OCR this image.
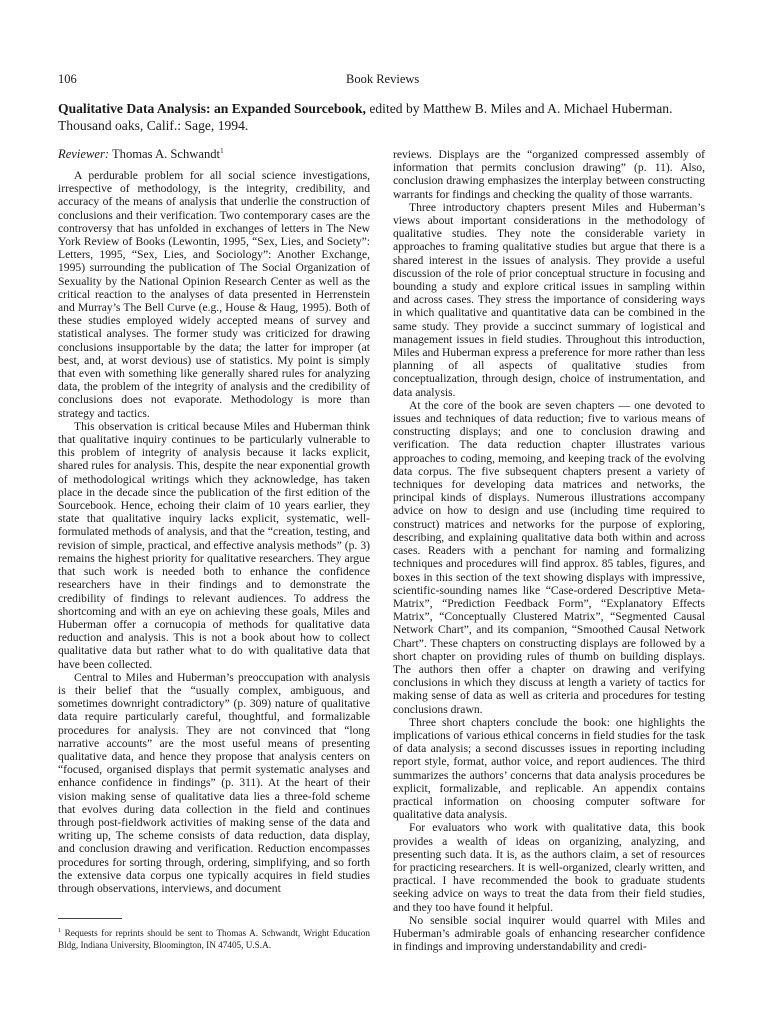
106	Book Reviews
Qualitative Data Analysis: an Expanded Sourcebook, edited by Matthew B. Miles and A. Michael Huberman.
Thousand oaks, Calif.: Sage, 1994.
Reviewer: Thomas A. Schwandt$^1$

A perdurable problem for all social science investigations, irrespective of methodology, is the integrity, credibility, and accuracy of the means of analysis that underlie the construction of conclusions and their verification. Two contemporary cases are the controversy that has unfolded in exchanges of letters in The New York Review of Books (Lewontin, 1995, “Sex, Lies, and Society”: Letters, 1995, “Sex, Lies, and Sociology”: Another Exchange, 1995) surrounding the publication of The Social Organization of Sexuality by the National Opinion Research Center as well as the critical reaction to the analyses of data presented in Herrenstein and Murray’s The Bell Curve (e.g., House & Haug, 1995). Both of these studies employed widely accepted means of survey and statistical analyses. The former study was criticized for drawing conclusions insupportable by the data; the latter for improper (at best, and, at worst devious) use of statistics. My point is simply that even with something like generally shared rules for analyzing data, the problem of the integrity of analysis and the credibility of conclusions does not evaporate. Methodology is more than strategy and tactics.

This observation is critical because Miles and Huberman think that qualitative inquiry continues to be particularly vulnerable to this problem of integrity of analysis because it lacks explicit, shared rules for analysis. This, despite the near exponential growth of methodological writings which they acknowledge, has taken place in the decade since the publication of the first edition of the Sourcebook. Hence, echoing their claim of 10 years earlier, they state that qualitative inquiry lacks explicit, systematic, well-formulated methods of analysis, and that the “creation, testing, and revision of simple, practical, and effective analysis methods” (p. 3) remains the highest priority for qualitative researchers. They argue that such work is needed both to enhance the confidence researchers have in their findings and to demonstrate the credibility of findings to relevant audiences. To address the shortcoming and with an eye on achieving these goals, Miles and Huberman offer a cornucopia of methods for qualitative data reduction and analysis. This is not a book about how to collect qualitative data but rather what to do with qualitative data that have been collected.

Central to Miles and Huberman’s preoccupation with analysis is their belief that the “usually complex, ambiguous, and sometimes downright contradictory” (p. 309) nature of qualitative data require particularly careful, thoughtful, and formalizable procedures for analysis. They are not convinced that “long narrative accounts” are the most useful means of presenting qualitative data, and hence they propose that analysis centers on “focused, organised displays that permit systematic analyses and enhance confidence in findings” (p. 311). At the heart of their vision making sense of qualitative data lies a three-fold scheme that evolves during data collection in the field and continues through post-fieldwork activities of making sense of the data and writing up, The scheme consists of data reduction, data display, and conclusion drawing and verification. Reduction encompasses procedures for sorting through, ordering, simplifying, and so forth the extensive data corpus one typically acquires in field studies through observations, interviews, and document

reviews. Displays are the “organized compressed assembly of information that permits conclusion drawing” (p. 11). Also, conclusion drawing emphasizes the interplay between constructing warrants for findings and checking the quality of those warrants.

Three introductory chapters present Miles and Huberman’s views about important considerations in the methodology of qualitative studies. They note the considerable variety in approaches to framing qualitative studies but argue that there is a shared interest in the issues of analysis. They provide a useful discussion of the role of prior conceptual structure in focusing and bounding a study and explore critical issues in sampling within and across cases. They stress the importance of considering ways in which qualitative and quantitative data can be combined in the same study. They provide a succinct summary of logistical and management issues in field studies. Throughout this introduction, Miles and Huberman express a preference for more rather than less planning of all aspects of qualitative studies from conceptualization, through design, choice of instrumentation, and data analysis.

At the core of the book are seven chapters — one devoted to issues and techniques of data reduction; five to various means of constructing displays; and one to conclusion drawing and verification. The data reduction chapter illustrates various approaches to coding, memoing, and keeping track of the evolving data corpus. The five subsequent chapters present a variety of techniques for developing data matrices and networks, the principal kinds of displays. Numerous illustrations accompany advice on how to design and use (including time required to construct) matrices and networks for the purpose of exploring, describing, and explaining qualitative data both within and across cases. Readers with a penchant for naming and formalizing techniques and procedures will find approx. 85 tables, figures, and boxes in this section of the text showing displays with impressive, scientific-sounding names like “Case-ordered Descriptive Meta-Matrix”, “Prediction Feedback Form”, “Explanatory Effects Matrix”, “Conceptually Clustered Matrix”, “Segmented Causal Network Chart”, and its companion, “Smoothed Causal Network Chart”. These chapters on constructing displays are followed by a short chapter on providing rules of thumb on building displays. The authors then offer a chapter on drawing and verifying conclusions in which they discuss at length a variety of tactics for making sense of data as well as criteria and procedures for testing conclusions drawn.

Three short chapters conclude the book: one highlights the implications of various ethical concerns in field studies for the task of data analysis; a second discusses issues in reporting including report style, format, author voice, and report audiences. The third summarizes the authors’ concerns that data analysis procedures be explicit, formalizable, and replicable. An appendix contains practical information on choosing computer software for qualitative data analysis.

For evaluators who work with qualitative data, this book provides a wealth of ideas on organizing, analyzing, and presenting such data. It is, as the authors claim, a set of resources for practicing researchers. It is well-organized, clearly written, and practical. I have recommended the book to graduate students seeking advice on ways to treat the data from their field studies, and they too have found it helpful.

No sensible social inquirer would quarrel with Miles and Huberman’s admirable goals of enhancing researcher confidence in findings and improving understandability and credi-

$^1$ Requests for reprints should be sent to Thomas A. Schwandt, Wright Education Bldg, Indiana University, Bloomington, IN 47405, U.S.A.
